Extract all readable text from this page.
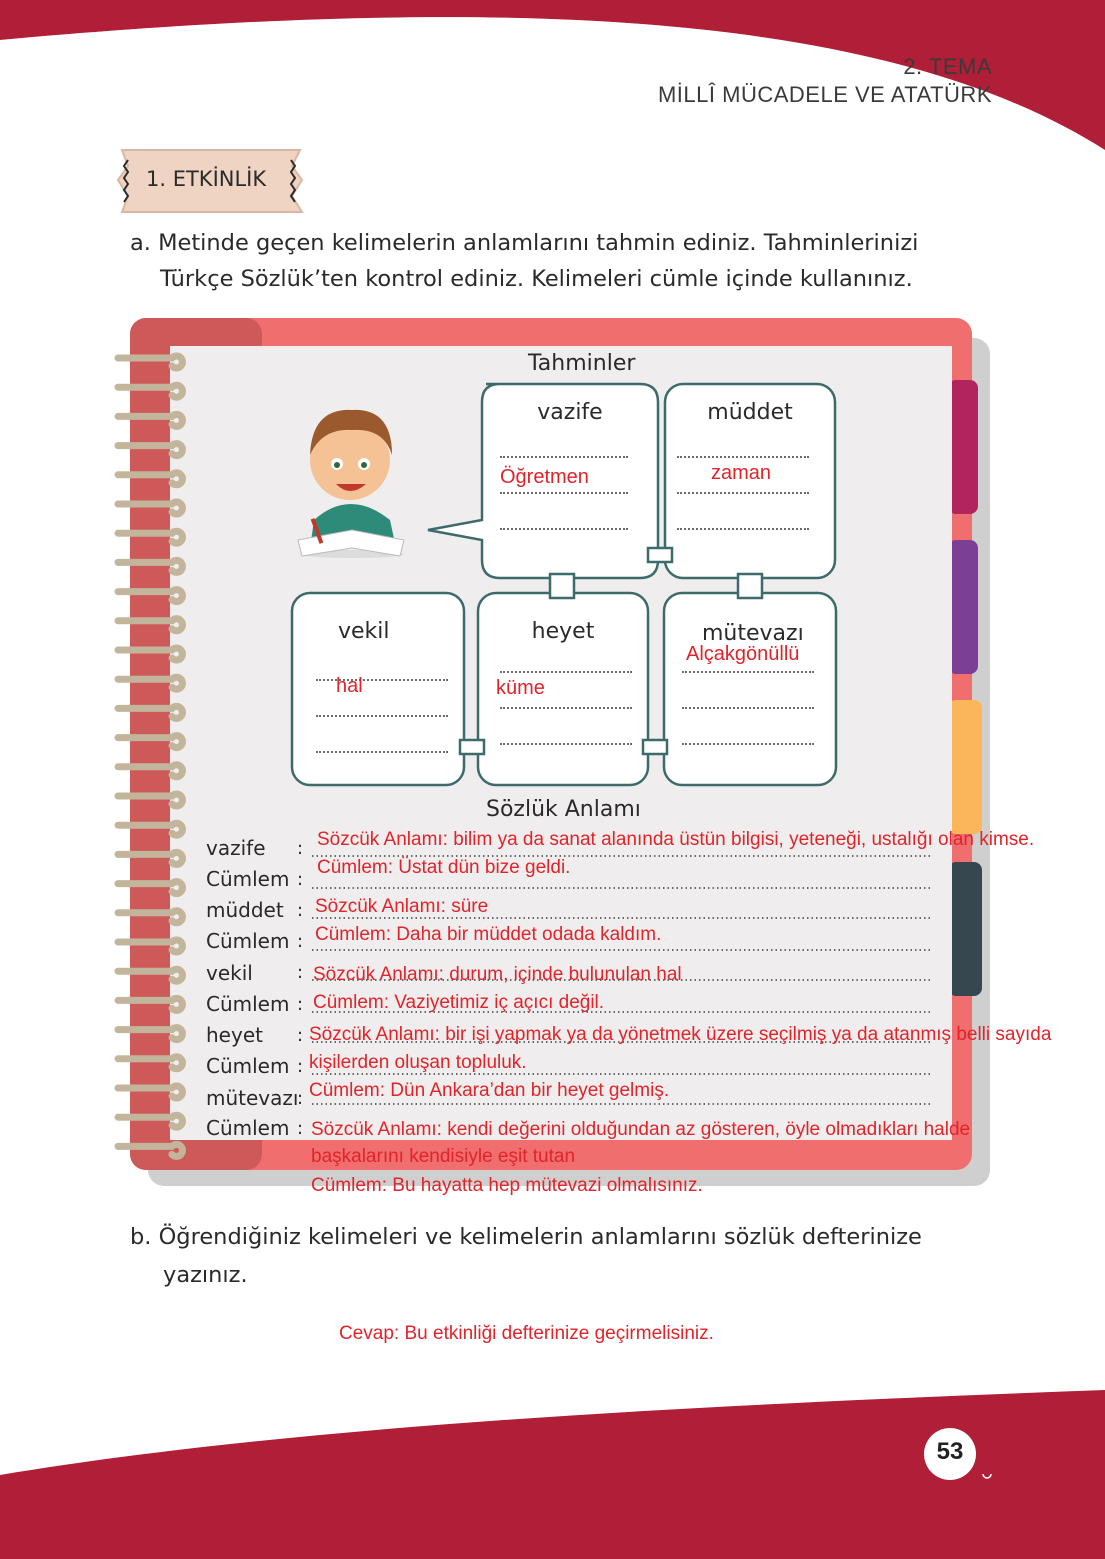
2. TEMA
MİLLÎ MÜCADELE VE ATATÜRK
1. ETKİNLİK
a. Metinde geçen kelimelerin anlamlarını tahmin ediniz. Tahminlerinizi
Türkçe Sözlük’ten kontrol ediniz. Kelimeleri cümle içinde kullanınız.
Tahminler
Sözlük Anlamı
vazife
Öğretmen
müddet
zaman
vekil
hal
heyet
küme
mütevazı
Alçakgönüllü
vazife
Cümlem
müddet
Cümlem
vekil
Cümlem
heyet
Cümlem
mütevazı
Cümlem
:
:
:
:
:
:
:
:
:
:
Sözcük Anlamı: bilim ya da sanat alanında üstün bilgisi, yeteneği, ustalığı olan kimse.
Cümlem: Üstat dün bize geldi.
Sözcük Anlamı: süre
Cümlem: Daha bir müddet odada kaldım.
Sözcük Anlamı: durum, içinde bulunulan hal
Cümlem: Vaziyetimiz iç açıcı değil.
Sözcük Anlamı: bir işi yapmak ya da yönetmek üzere seçilmiş ya da atanmış belli sayıda
kişilerden oluşan topluluk.
Cümlem: Dün Ankara’dan bir heyet gelmiş.
Sözcük Anlamı: kendi değerini olduğundan az gösteren, öyle olmadıkları halde
başkalarını kendisiyle eşit tutan
Cümlem: Bu hayatta hep mütevazi olmalısınız.
b. Öğrendiğiniz kelimeleri ve kelimelerin anlamlarını sözlük defterinize
yazınız.
Cevap: Bu etkinliği defterinize geçirmelisiniz.
53
